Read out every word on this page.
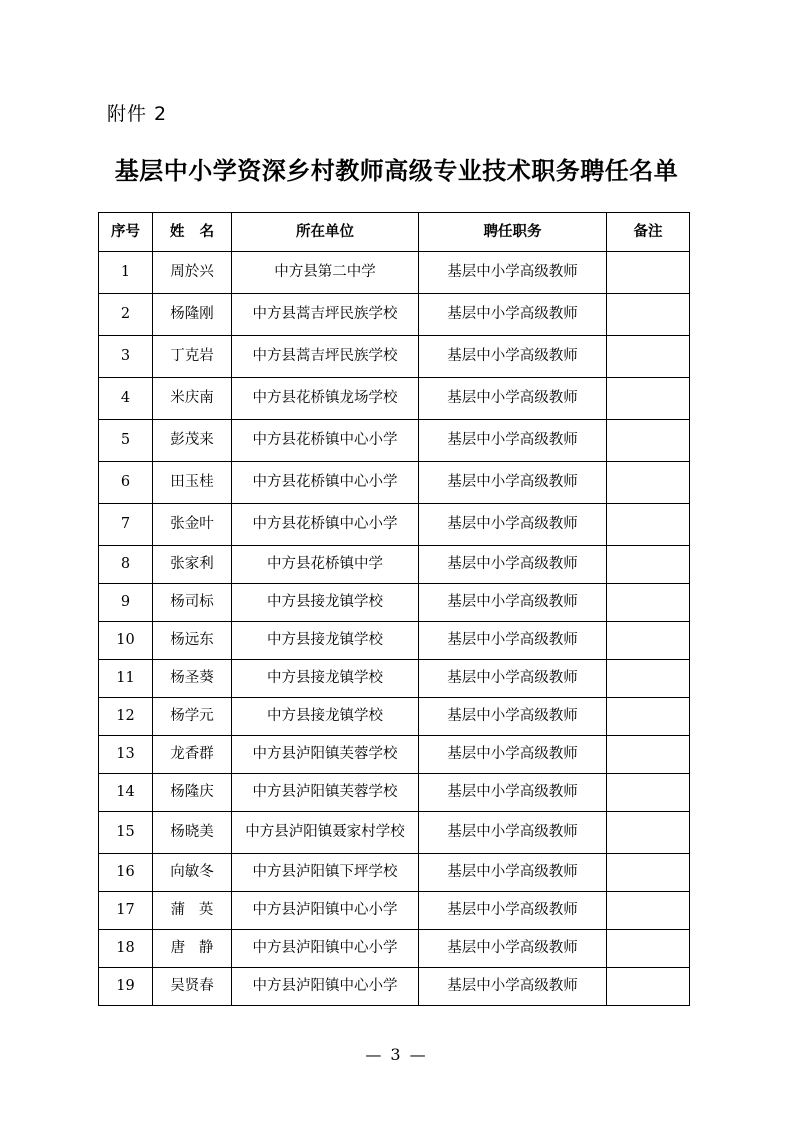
附件 2
基层中小学资深乡村教师高级专业技术职务聘任名单
序号	姓   名	所在单位	聘任职务	备注
1	周於兴	中方县第二中学	基层中小学高级教师	
2	杨隆刚	中方县蒿吉坪民族学校	基层中小学高级教师	
3	丁克岩	中方县蒿吉坪民族学校	基层中小学高级教师	
4	米庆南	中方县花桥镇龙场学校	基层中小学高级教师	
5	彭茂来	中方县花桥镇中心小学	基层中小学高级教师	
6	田玉桂	中方县花桥镇中心小学	基层中小学高级教师	
7	张金叶	中方县花桥镇中心小学	基层中小学高级教师	
8	张家利	中方县花桥镇中学	基层中小学高级教师	
9	杨司标	中方县接龙镇学校	基层中小学高级教师	
10	杨远东	中方县接龙镇学校	基层中小学高级教师	
11	杨圣葵	中方县接龙镇学校	基层中小学高级教师	
12	杨学元	中方县接龙镇学校	基层中小学高级教师	
13	龙香群	中方县泸阳镇芙蓉学校	基层中小学高级教师	
14	杨隆庆	中方县泸阳镇芙蓉学校	基层中小学高级教师	
15	杨晓美	中方县泸阳镇聂家村学校	基层中小学高级教师	
16	向敏冬	中方县泸阳镇下坪学校	基层中小学高级教师	
17	蒲   英	中方县泸阳镇中心小学	基层中小学高级教师	
18	唐   静	中方县泸阳镇中心小学	基层中小学高级教师	
19	吴贤春	中方县泸阳镇中心小学	基层中小学高级教师	
— 3 —
